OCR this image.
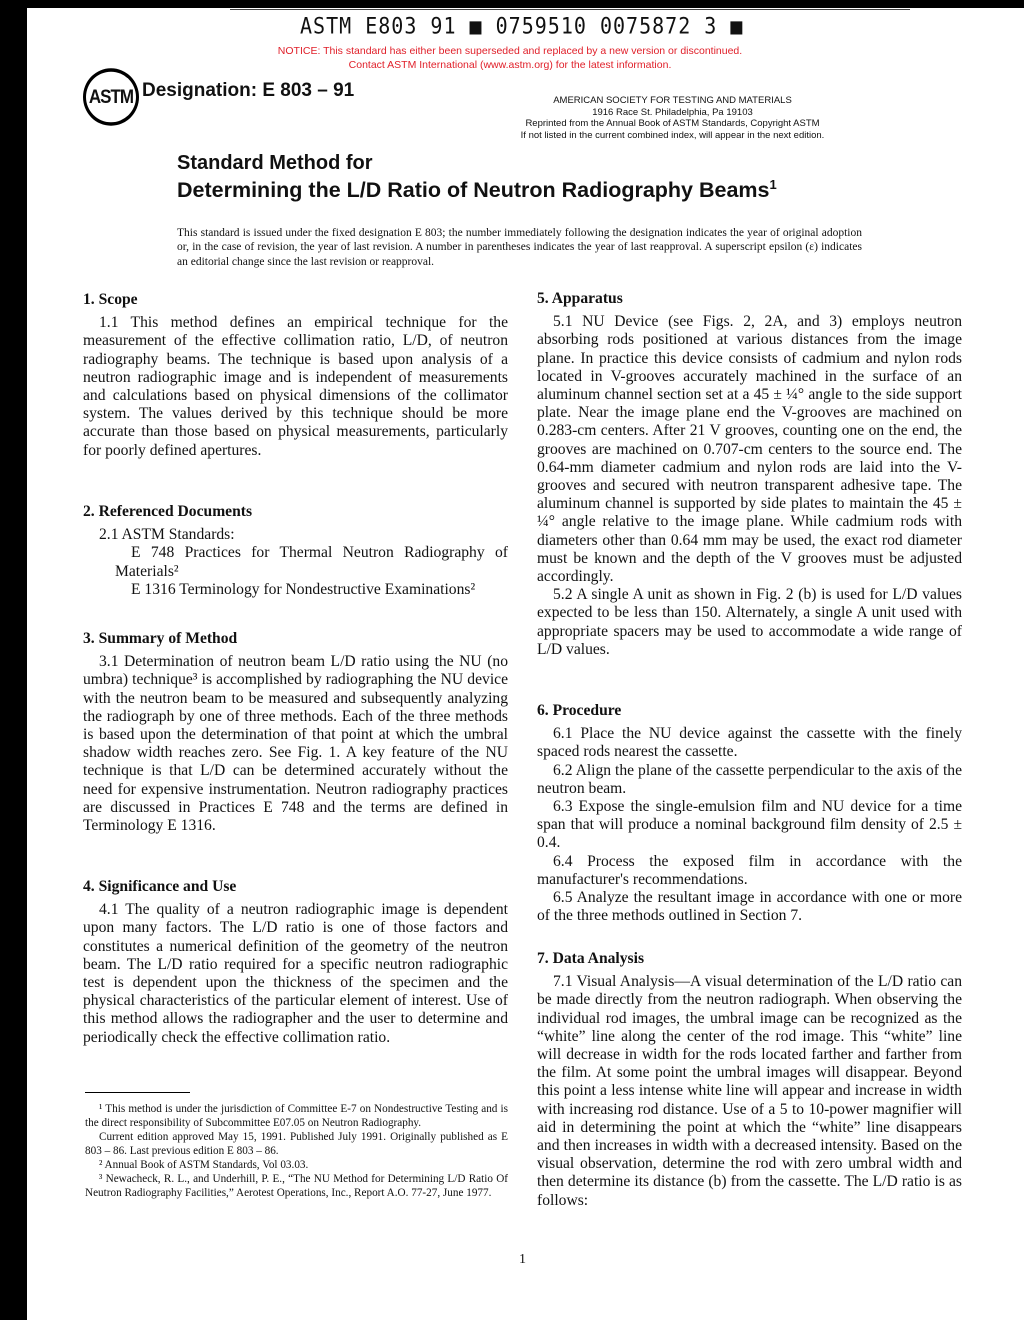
ASTM E803 91 ■ 0759510 0075872 3 ■
NOTICE: This standard has either been superseded and replaced by a new version or discontinued.
Contact ASTM International (www.astm.org) for the latest information.
ASTM Designation: E 803 – 91	AMERICAN SOCIETY FOR TESTING AND MATERIALS
1916 Race St. Philadelphia, Pa 19103
Reprinted from the Annual Book of ASTM Standards, Copyright ASTM
If not listed in the current combined index, will appear in the next edition.
Standard Method for
Determining the L/D Ratio of Neutron Radiography Beams$^1$
This standard is issued under the fixed designation E 803; the number immediately following the designation indicates the year of original adoption or, in the case of revision, the year of last revision. A number in parentheses indicates the year of last reapproval. A superscript epsilon (ε) indicates an editorial change since the last revision or reapproval.
1. Scope

1.1 This method defines an empirical technique for the measurement of the effective collimation ratio, L/D, of neutron radiography beams. The technique is based upon analysis of a neutron radiographic image and is independent of measurements and calculations based on physical dimensions of the collimator system. The values derived by this technique should be more accurate than those based on physical measurements, particularly for poorly defined apertures.

2. Referenced Documents

2.1 ASTM Standards:

E 748 Practices for Thermal Neutron Radiography of Materials²

E 1316 Terminology for Nondestructive Examinations²

3. Summary of Method

3.1 Determination of neutron beam L/D ratio using the NU (no umbra) technique³ is accomplished by radiographing the NU device with the neutron beam to be measured and subsequently analyzing the radiograph by one of three methods. Each of the three methods is based upon the determination of that point at which the umbral shadow width reaches zero. See Fig. 1. A key feature of the NU technique is that L/D can be determined accurately without the need for expensive instrumentation. Neutron radiography practices are discussed in Practices E 748 and the terms are defined in Terminology E 1316.

4. Significance and Use

4.1 The quality of a neutron radiographic image is dependent upon many factors. The L/D ratio is one of those factors and constitutes a numerical definition of the geometry of the neutron beam. The L/D ratio required for a specific neutron radiographic test is dependent upon the thickness of the specimen and the physical characteristics of the particular element of interest. Use of this method allows the radiographer and the user to determine and periodically check the effective collimation ratio.

5. Apparatus

5.1 NU Device (see Figs. 2, 2A, and 3) employs neutron absorbing rods positioned at various distances from the image plane. In practice this device consists of cadmium and nylon rods located in V-grooves accurately machined in the surface of an aluminum channel section set at a 45 ± ¼° angle to the side support plate. Near the image plane end the V-grooves are machined on 0.283-cm centers. After 21 V grooves, counting one on the end, the grooves are machined on 0.707-cm centers to the source end. The 0.64-mm diameter cadmium and nylon rods are laid into the V-grooves and secured with neutron transparent adhesive tape. The aluminum channel is supported by side plates to maintain the 45 ± ¼° angle relative to the image plane. While cadmium rods with diameters other than 0.64 mm may be used, the exact rod diameter must be known and the depth of the V grooves must be adjusted accordingly.

5.2 A single A unit as shown in Fig. 2 (b) is used for L/D values expected to be less than 150. Alternately, a single A unit used with appropriate spacers may be used to accommodate a wide range of L/D values.

6. Procedure

6.1 Place the NU device against the cassette with the finely spaced rods nearest the cassette.

6.2 Align the plane of the cassette perpendicular to the axis of the neutron beam.

6.3 Expose the single-emulsion film and NU device for a time span that will produce a nominal background film density of 2.5 ± 0.4.

6.4 Process the exposed film in accordance with the manufacturer's recommendations.

6.5 Analyze the resultant image in accordance with one or more of the three methods outlined in Section 7.

7. Data Analysis

7.1 Visual Analysis—A visual determination of the L/D ratio can be made directly from the neutron radiograph. When observing the individual rod images, the umbral image can be recognized as the “white” line along the center of the rod image. This “white” line will decrease in width for the rods located farther and farther from the film. At some point the umbral images will disappear. Beyond this point a less intense white line will appear and increase in width with increasing rod distance. Use of a 5 to 10-power magnifier will aid in determining the point at which the “white” line disappears and then increases in width with a decreased intensity. Based on the visual observation, determine the rod with zero umbral width and then determine its distance (b) from the cassette. The L/D ratio is as follows:

¹ This method is under the jurisdiction of Committee E-7 on Nondestructive Testing and is the direct responsibility of Subcommittee E07.05 on Neutron Radiography.

Current edition approved May 15, 1991. Published July 1991. Originally published as E 803 – 86. Last previous edition E 803 – 86.

² Annual Book of ASTM Standards, Vol 03.03.

³ Newacheck, R. L., and Underhill, P. E., “The NU Method for Determining L/D Ratio Of Neutron Radiography Facilities,” Aerotest Operations, Inc., Report A.O. 77-27, June 1977.

1
